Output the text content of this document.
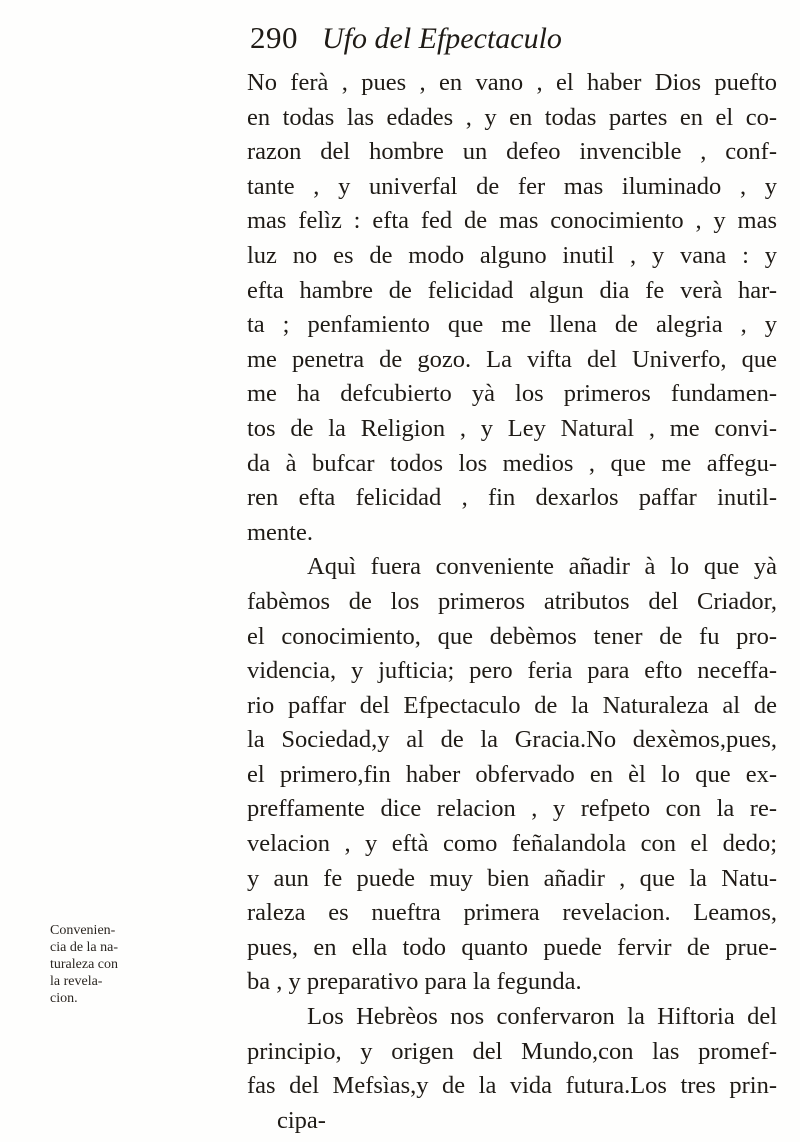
290 Ufo del Efpectaculo
Convenien-
cia de la na-
turaleza con
la revela-
cion.
No ferà , pues , en vano , el haber Dios puefto
en todas las edades , y en todas partes en el co-
razon del hombre un defeo invencible , conf-
tante , y univerfal de fer mas iluminado , y
mas felìz : efta fed de mas conocimiento , y mas
luz no es de modo alguno inutil , y vana : y
efta hambre de felicidad algun dia fe verà har-
ta ; penfamiento que me llena de alegria , y
me penetra de gozo. La vifta del Univerfo, que
me ha defcubierto yà los primeros fundamen-
tos de la Religion , y Ley Natural , me convi-
da à bufcar todos los medios , que me affegu-
ren efta felicidad , fin dexarlos paffar inutil-
mente.
Aquì fuera conveniente añadir à lo que yà
fabèmos de los primeros atributos del Criador,
el conocimiento, que debèmos tener de fu pro-
videncia, y jufticia; pero feria para efto neceffa-
rio paffar del Efpectaculo de la Naturaleza al de
la Sociedad,y al de la Gracia.No dexèmos,pues,
el primero,fin haber obfervado en èl lo que ex-
preffamente dice relacion , y refpeto con la re-
velacion , y eftà como feñalandola con el dedo;
y aun fe puede muy bien añadir , que la Natu-
raleza es nueftra primera revelacion. Leamos,
pues, en ella todo quanto puede fervir de prue-
ba , y preparativo para la fegunda.
Los Hebrèos nos confervaron la Hiftoria del
principio, y origen del Mundo,con las promef-
fas del Mefsìas,y de la vida futura.Los tres prin-
cipa-
